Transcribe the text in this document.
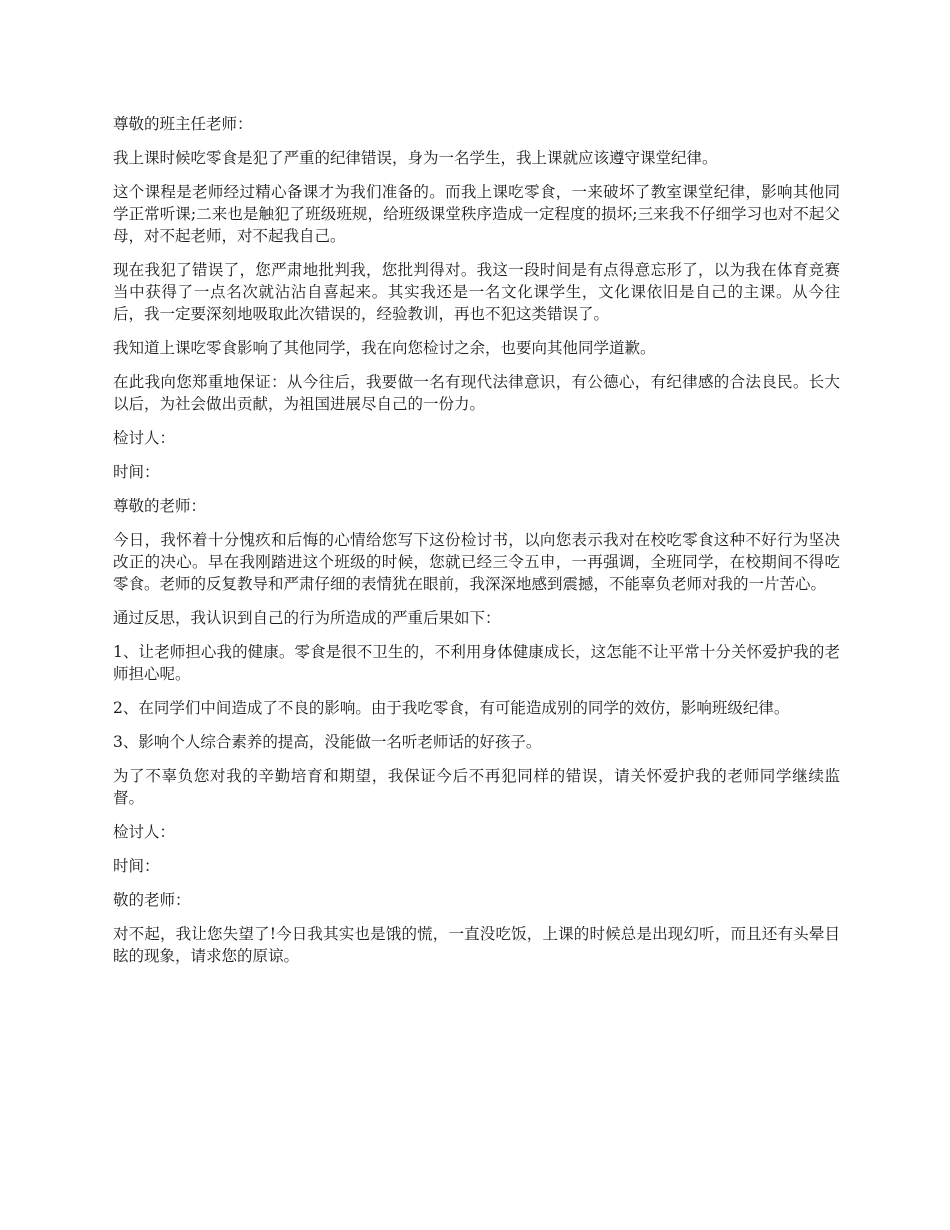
尊敬的班主任老师：

我上课时候吃零食是犯了严重的纪律错误，身为一名学生，我上课就应该遵守课堂纪律。

这个课程是老师经过精心备课才为我们准备的。而我上课吃零食，一来破坏了教室课堂纪律，影响其他同学正常听课;二来也是触犯了班级班规，给班级课堂秩序造成一定程度的损坏;三来我不仔细学习也对不起父母，对不起老师，对不起我自己。

现在我犯了错误了，您严肃地批判我，您批判得对。我这一段时间是有点得意忘形了，以为我在体育竞赛当中获得了一点名次就沾沾自喜起来。其实我还是一名文化课学生，文化课依旧是自己的主课。从今往后，我一定要深刻地吸取此次错误的，经验教训，再也不犯这类错误了。

我知道上课吃零食影响了其他同学，我在向您检讨之余，也要向其他同学道歉。

在此我向您郑重地保证：从今往后，我要做一名有现代法律意识，有公德心，有纪律感的合法良民。长大以后，为社会做出贡献，为祖国进展尽自己的一份力。

检讨人：

时间：

尊敬的老师：

今日，我怀着十分愧疚和后悔的心情给您写下这份检讨书，以向您表示我对在校吃零食这种不好行为坚决改正的决心。早在我刚踏进这个班级的时候，您就已经三令五申，一再强调，全班同学，在校期间不得吃零食。老师的反复教导和严肃仔细的表情犹在眼前，我深深地感到震撼，不能辜负老师对我的一片苦心。

通过反思，我认识到自己的行为所造成的严重后果如下：

1、让老师担心我的健康。零食是很不卫生的，不利用身体健康成长，这怎能不让平常十分关怀爱护我的老师担心呢。

2、在同学们中间造成了不良的影响。由于我吃零食，有可能造成别的同学的效仿，影响班级纪律。

3、影响个人综合素养的提高，没能做一名听老师话的好孩子。

为了不辜负您对我的辛勤培育和期望，我保证今后不再犯同样的错误，请关怀爱护我的老师同学继续监督。

检讨人：

时间：

敬的老师：

对不起，我让您失望了!今日我其实也是饿的慌，一直没吃饭，上课的时候总是出现幻听，而且还有头晕目眩的现象，请求您的原谅。
